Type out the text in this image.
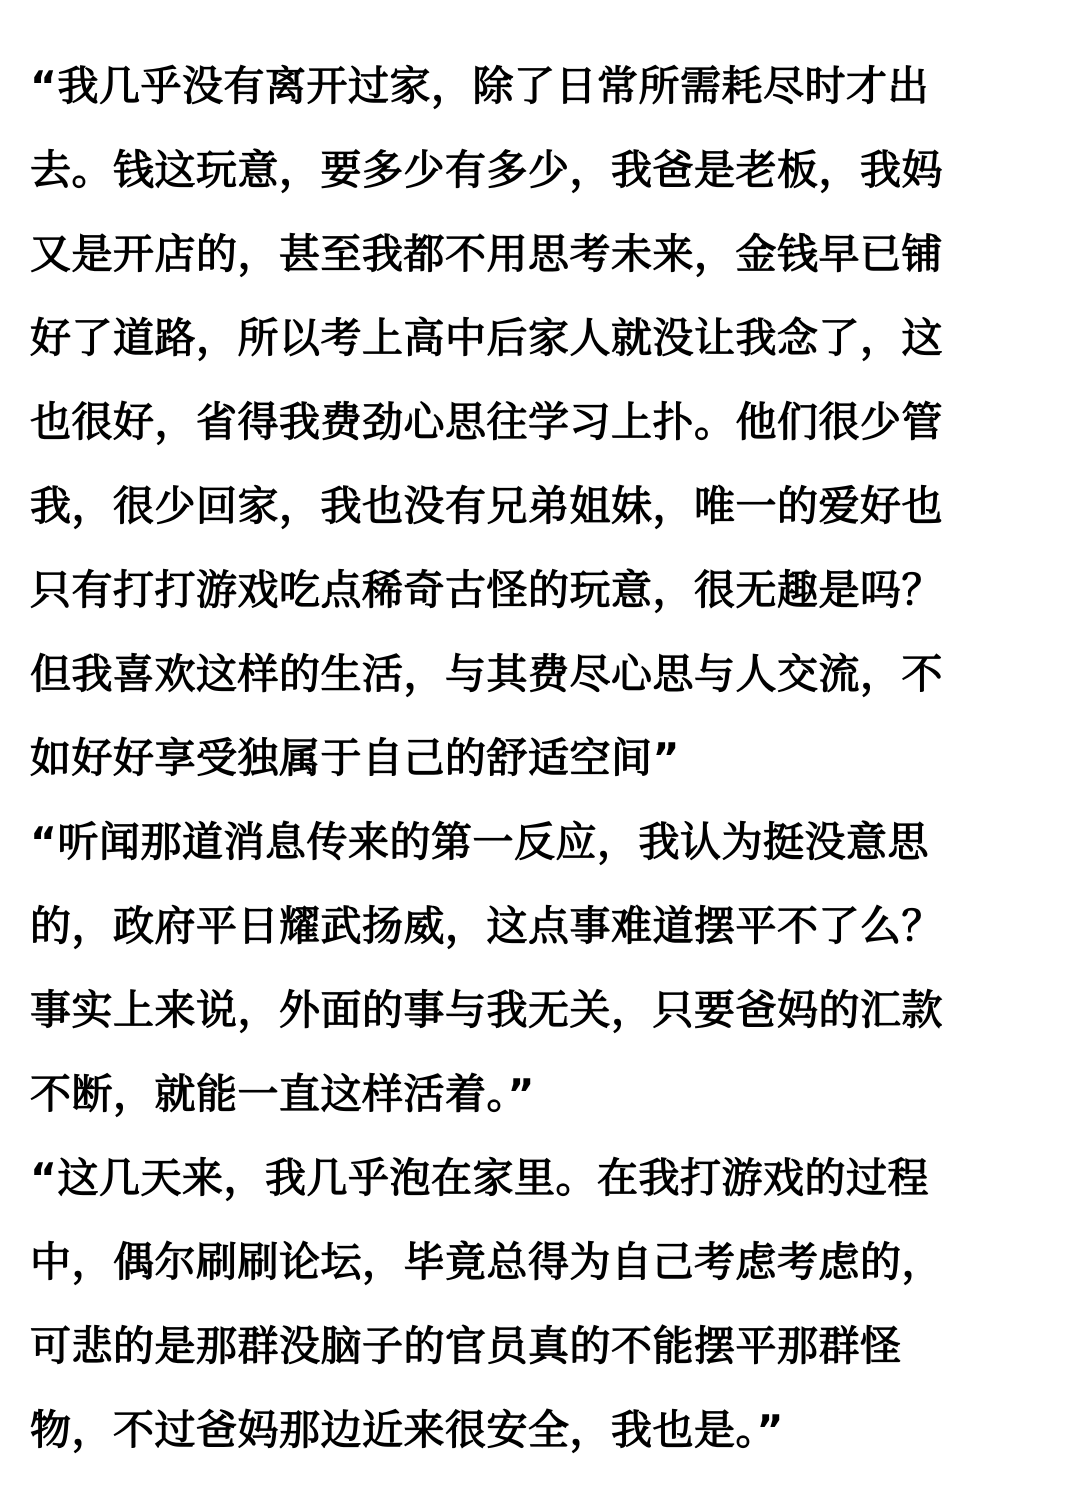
“我几乎没有离开过家，除了日常所需耗尽时才出
去。钱这玩意，要多少有多少，我爸是老板，我妈
又是开店的，甚至我都不用思考未来，金钱早已铺
好了道路，所以考上高中后家人就没让我念了，这
也很好，省得我费劲心思往学习上扑。他们很少管
我，很少回家，我也没有兄弟姐妹，唯一的爱好也
只有打打游戏吃点稀奇古怪的玩意，很无趣是吗？
但我喜欢这样的生活，与其费尽心思与人交流，不
如好好享受独属于自己的舒适空间”
“听闻那道消息传来的第一反应，我认为挺没意思
的，政府平日耀武扬威，这点事难道摆平不了么？
事实上来说，外面的事与我无关，只要爸妈的汇款
不断，就能一直这样活着。”
“这几天来，我几乎泡在家里。在我打游戏的过程
中，偶尔刷刷论坛，毕竟总得为自己考虑考虑的，
可悲的是那群没脑子的官员真的不能摆平那群怪
物，不过爸妈那边近来很安全，我也是。”
